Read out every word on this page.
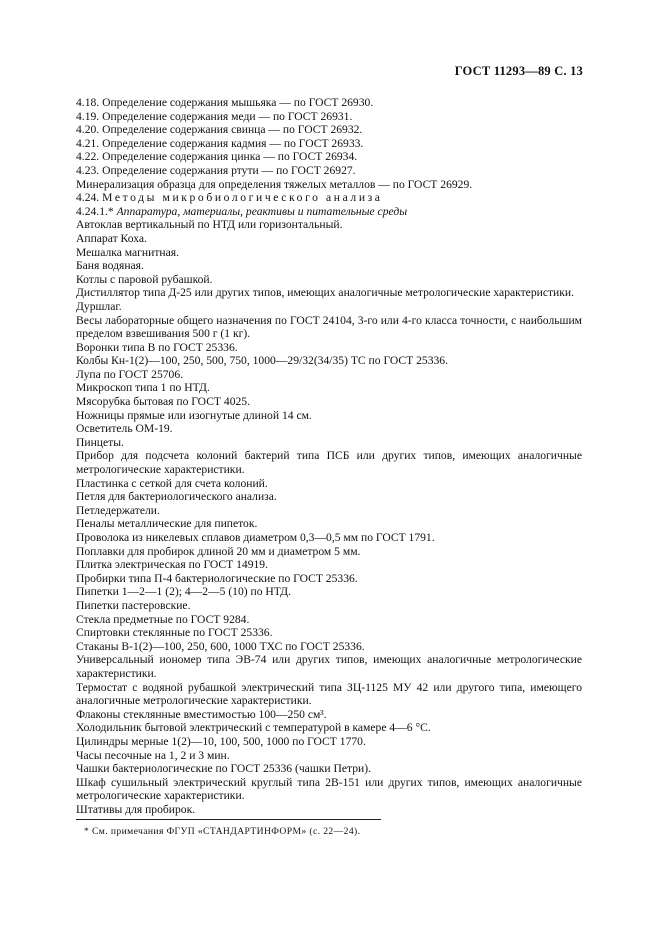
ГОСТ 11293—89 С. 13

4.18. Определение содержания мышьяка — по ГОСТ 26930.

4.19. Определение содержания меди — по ГОСТ 26931.

4.20. Определение содержания свинца — по ГОСТ 26932.

4.21. Определение содержания кадмия — по ГОСТ 26933.

4.22. Определение содержания цинка — по ГОСТ 26934.

4.23. Определение содержания ртути — по ГОСТ 26927.

Минерализация образца для определения тяжелых металлов — по ГОСТ 26929.

4.24. Методы микробиологического анализа

4.24.1.* Аппаратура, материалы, реактивы и питательные среды

Автоклав вертикальный по НТД или горизонтальный.

Аппарат Коха.

Мешалка магнитная.

Баня водяная.

Котлы с паровой рубашкой.

Дистиллятор типа Д-25 или других типов, имеющих аналогичные метрологические характеристики.

Дуршлаг.

Весы лабораторные общего назначения по ГОСТ 24104, 3-го или 4-го класса точности, с наибольшим пределом взвешивания 500 г (1 кг).

Воронки типа В по ГОСТ 25336.

Колбы Кн-1(2)—100, 250, 500, 750, 1000—29/32(34/35) ТС по ГОСТ 25336.

Лупа по ГОСТ 25706.

Микроскоп типа 1 по НТД.

Мясорубка бытовая по ГОСТ 4025.

Ножницы прямые или изогнутые длиной 14 см.

Осветитель ОМ-19.

Пинцеты.

Прибор для подсчета колоний бактерий типа ПСБ или других типов, имеющих аналогичные метрологические характеристики.

Пластинка с сеткой для счета колоний.

Петля для бактериологического анализа.

Петледержатели.

Пеналы металлические для пипеток.

Проволока из никелевых сплавов диаметром 0,3—0,5 мм по ГОСТ 1791.

Поплавки для пробирок длиной 20 мм и диаметром 5 мм.

Плитка электрическая по ГОСТ 14919.

Пробирки типа П-4 бактериологические по ГОСТ 25336.

Пипетки 1—2—1 (2); 4—2—5 (10) по НТД.

Пипетки пастеровские.

Стекла предметные по ГОСТ 9284.

Спиртовки стеклянные по ГОСТ 25336.

Стаканы В-1(2)—100, 250, 600, 1000 ТХС по ГОСТ 25336.

Универсальный иономер типа ЭВ-74 или других типов, имеющих аналогичные метрологические характеристики.

Термостат с водяной рубашкой электрический типа ЗЦ-1125 МУ 42 или другого типа, имеющего аналогичные метрологические характеристики.

Флаконы стеклянные вместимостью 100—250 см³.

Холодильник бытовой электрический с температурой в камере 4—6 °С.

Цилиндры мерные 1(2)—10, 100, 500, 1000 по ГОСТ 1770.

Часы песочные на 1, 2 и 3 мин.

Чашки бактериологические по ГОСТ 25336 (чашки Петри).

Шкаф сушильный электрический круглый типа 2В-151 или других типов, имеющих аналогичные метрологические характеристики.

Штативы для пробирок.

* См. примечания ФГУП «СТАНДАРТИНФОРМ» (с. 22—24).
